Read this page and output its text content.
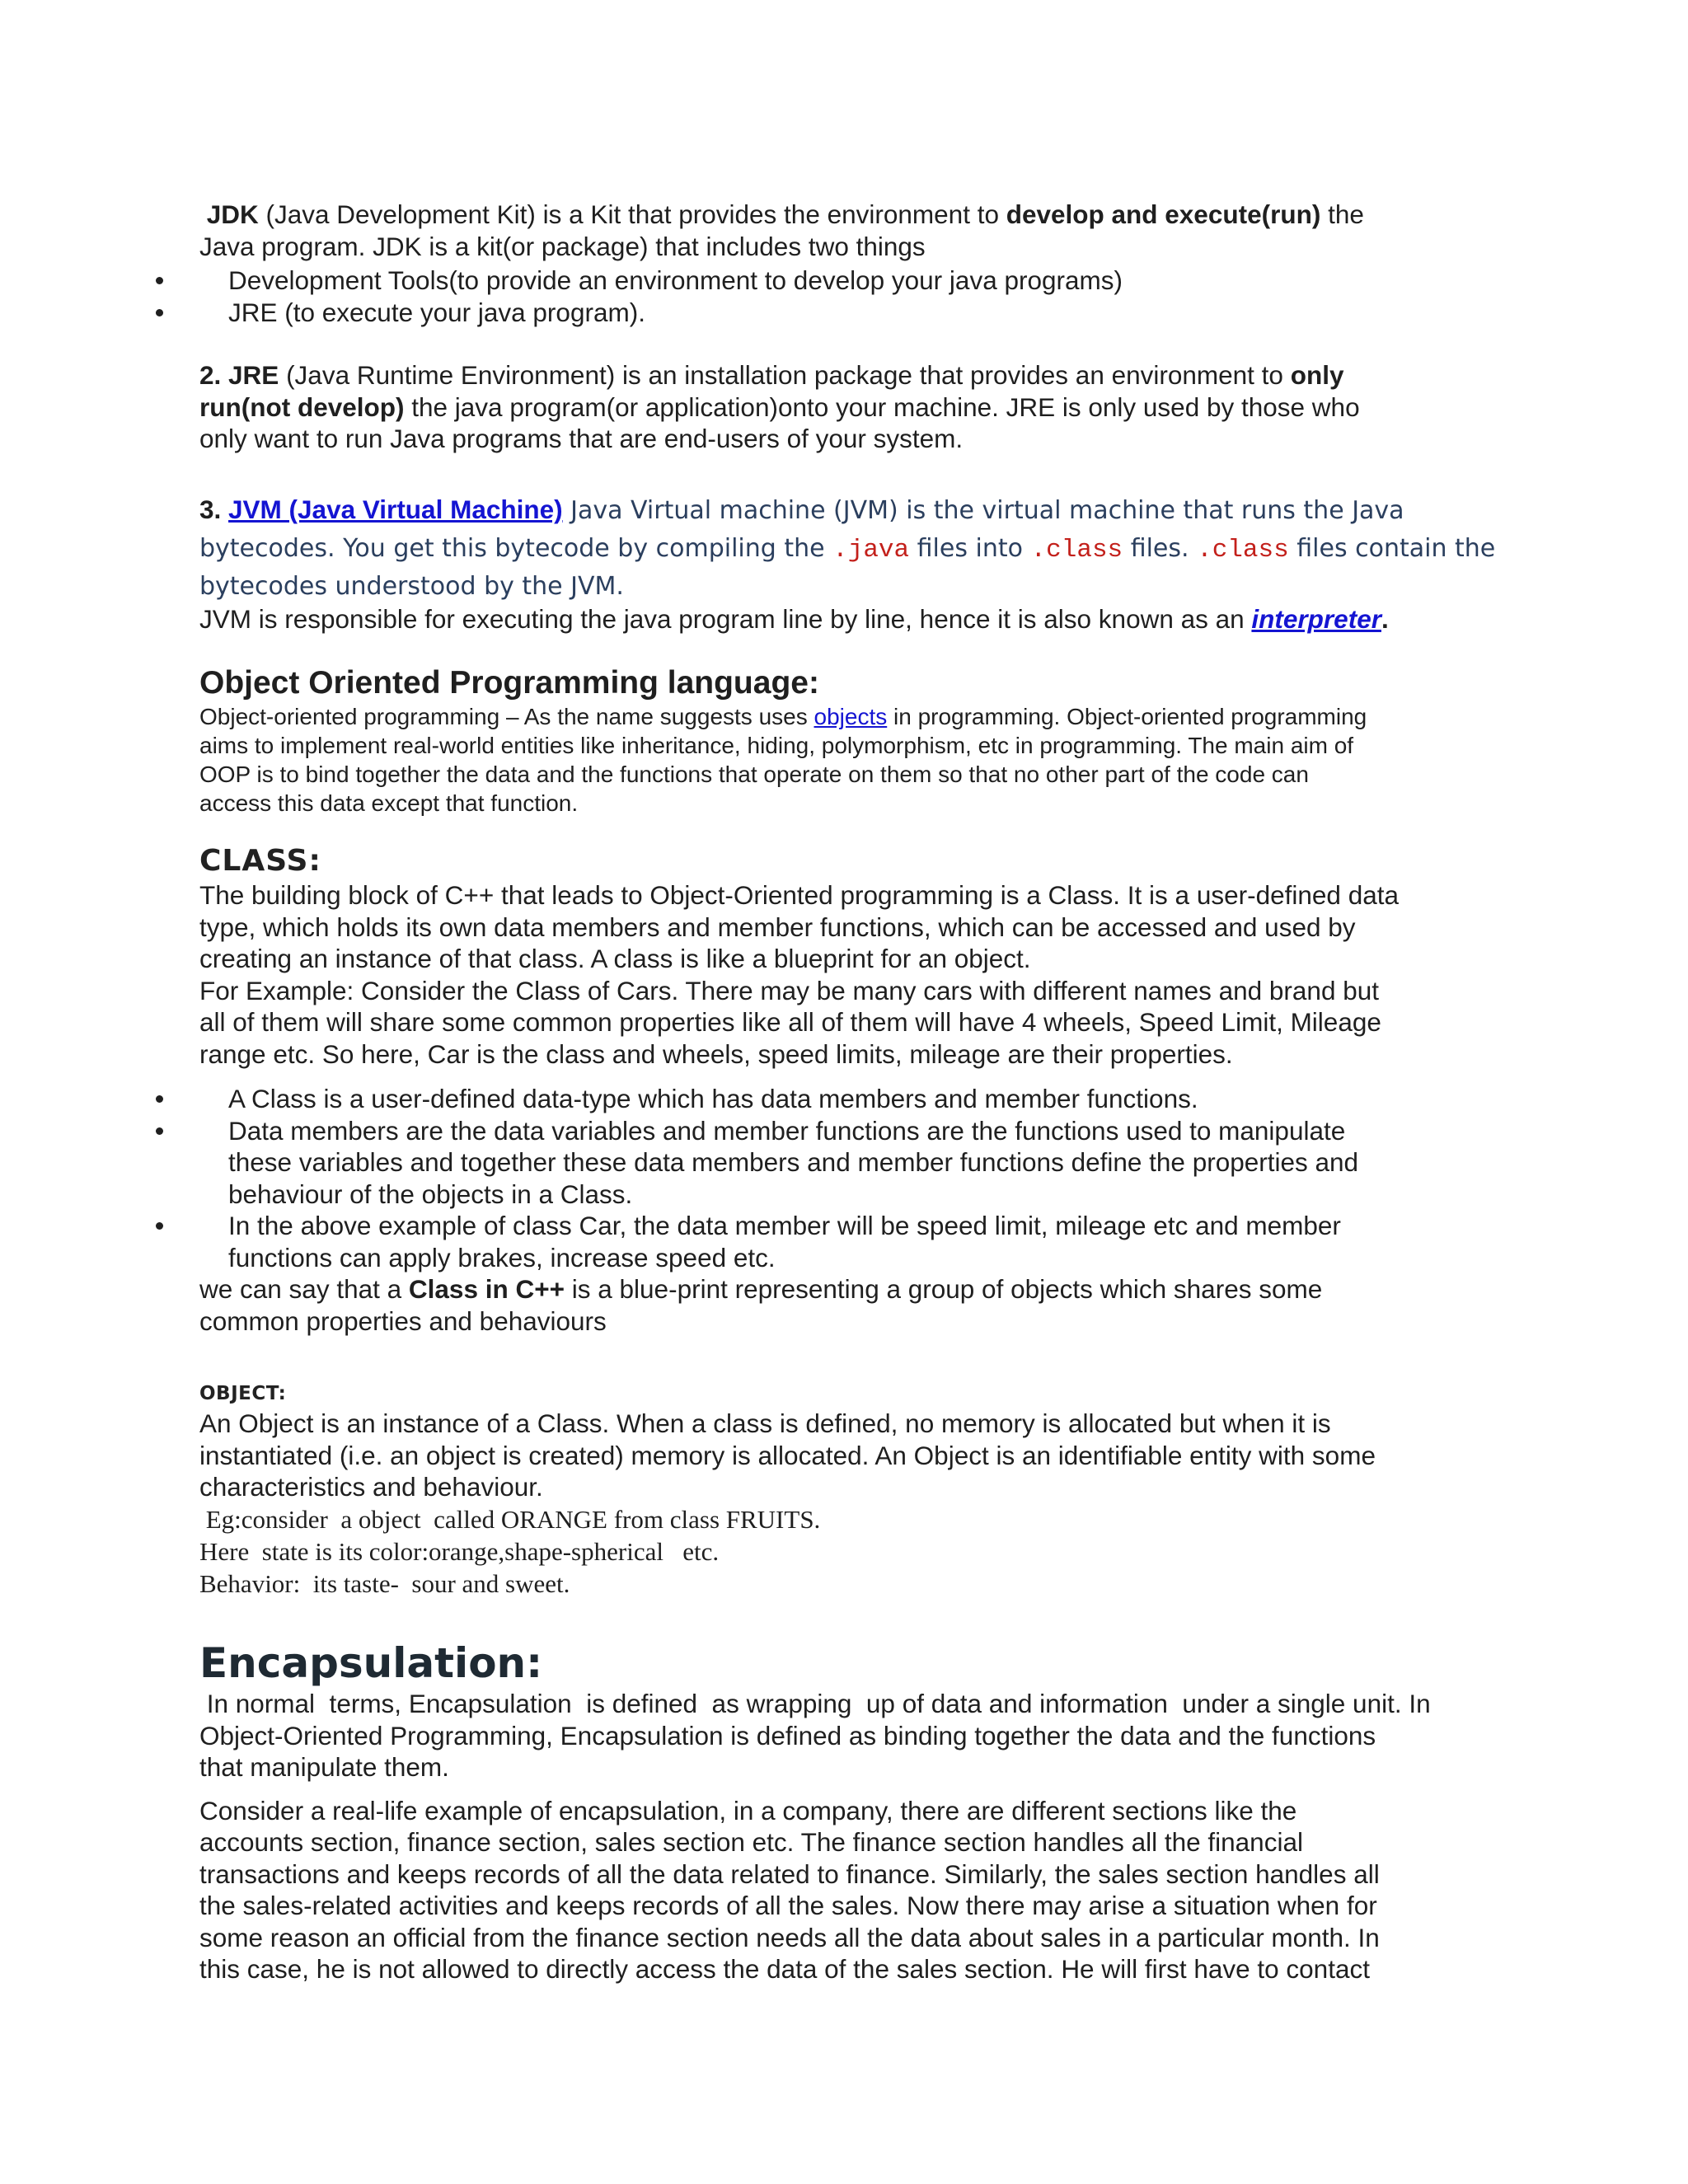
JDK (Java Development Kit) is a Kit that provides the environment to develop and execute(run) the

Java program. JDK is a kit(or package) that includes two things

Development Tools(to provide an environment to develop your java programs)
JRE (to execute your java program).

2. JRE (Java Runtime Environment) is an installation package that provides an environment to only

run(not develop) the java program(or application)onto your machine. JRE is only used by those who

only want to run Java programs that are end-users of your system.

3. JVM (Java Virtual Machine) Java Virtual machine (JVM) is the virtual machine that runs the Java

bytecodes. You get this bytecode by compiling the .java files into .class files. .class files contain the

bytecodes understood by the JVM.

JVM is responsible for executing the java program line by line, hence it is also known as an interpreter.

Object Oriented Programming language:

Object-oriented programming – As the name suggests uses objects in programming. Object-oriented programming

aims to implement real-world entities like inheritance, hiding, polymorphism, etc in programming. The main aim of

OOP is to bind together the data and the functions that operate on them so that no other part of the code can

access this data except that function.

CLASS:

The building block of C++ that leads to Object-Oriented programming is a Class. It is a user-defined data

type, which holds its own data members and member functions, which can be accessed and used by

creating an instance of that class. A class is like a blueprint for an object.

For Example: Consider the Class of Cars. There may be many cars with different names and brand but

all of them will share some common properties like all of them will have 4 wheels, Speed Limit, Mileage

range etc. So here, Car is the class and wheels, speed limits, mileage are their properties.

A Class is a user-defined data-type which has data members and member functions.
Data members are the data variables and member functions are the functions used to manipulate
these variables and together these data members and member functions define the properties and
behaviour of the objects in a Class.
In the above example of class Car, the data member will be speed limit, mileage etc and member
functions can apply brakes, increase speed etc.

we can say that a Class in C++ is a blue-print representing a group of objects which shares some

common properties and behaviours

OBJECT:

An Object is an instance of a Class. When a class is defined, no memory is allocated but when it is

instantiated (i.e. an object is created) memory is allocated. An Object is an identifiable entity with some

characteristics and behaviour.

Eg:consider  a object  called ORANGE from class FRUITS.

Here  state is its color:orange,shape-spherical   etc.

Behavior:  its taste-  sour and sweet.

Encapsulation:

In normal  terms, Encapsulation  is defined  as wrapping  up of data and information  under a single unit. In

Object-Oriented Programming, Encapsulation is defined as binding together the data and the functions

that manipulate them.

Consider a real-life example of encapsulation, in a company, there are different sections like the

accounts section, finance section, sales section etc. The finance section handles all the financial

transactions and keeps records of all the data related to finance. Similarly, the sales section handles all

the sales-related activities and keeps records of all the sales. Now there may arise a situation when for

some reason an official from the finance section needs all the data about sales in a particular month. In

this case, he is not allowed to directly access the data of the sales section. He will first have to contact
